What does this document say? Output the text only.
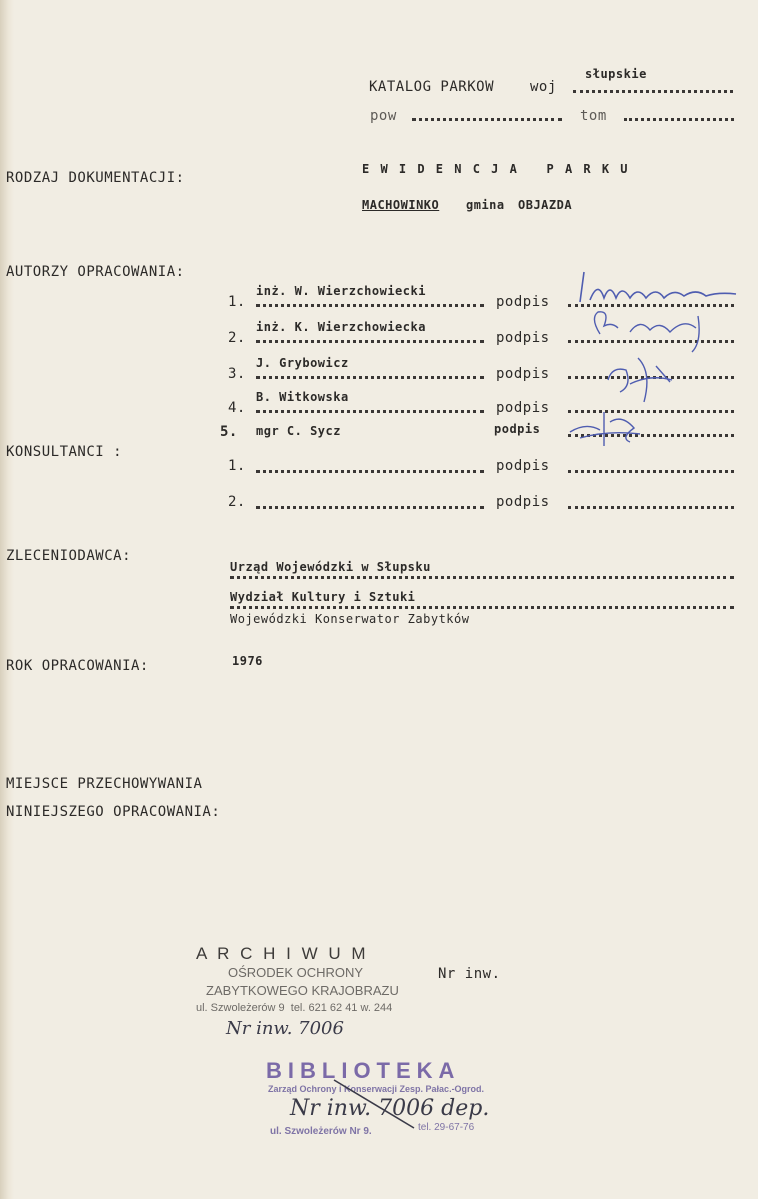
KATALOG PARKOW	woj
słupskie
pow	tom
RODZAJ DOKUMENTACJI:
E W I D E N C J A   P A R K U
MACHOWINKO gmina OBJAZDA
AUTORZY OPRACOWANIA:
1.
inż. W. Wierzchowiecki
podpis
2.
inż. K. Wierzchowiecka
podpis
3.
J. Grybowicz
podpis
4.
B. Witkowska
podpis
5. mgr C. Sycz	podpis
KONSULTANCI :
1.	podpis
2.	podpis
ZLECENIODAWCA:
Urząd Wojewódzki w Słupsku
Wydział Kultury i Sztuki
Wojewódzki Konserwator Zabytków
ROK OPRACOWANIA:	1976
MIEJSCE PRZECHOWYWANIA
NINIEJSZEGO OPRACOWANIA:
A R C H I W U M
OŚRODEK OCHRONY
ZABYTKOWEGO KRAJOBRAZU
ul. Szwoleżerów 9  tel. 621 62 41 w. 244
Nr inw. 7006
Nr inw.
BIBLIOTEKA
Zarząd Ochrony i Konserwacji Zesp. Pałac.-Ogrod.
ul. Szwoleżerów Nr 9.	tel. 29-67-76
Nr inw. 7006 dep.
